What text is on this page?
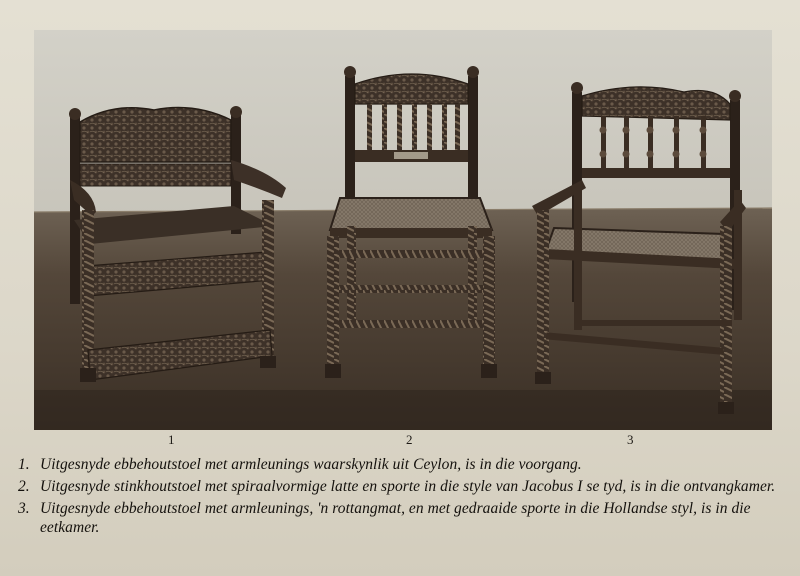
1	2	3
1. Uitgesnyde ebbehoutstoel met armleunings waarskynlik uit Ceylon, is in die voorgang.
2. Uitgesnyde stinkhoutstoel met spiraalvormige latte en sporte in die style van Jacobus I se tyd, is in die ontvangkamer.
3. Uitgesnyde ebbehoutstoel met armleunings, 'n rottangmat, en met gedraaide sporte in die Hollandse styl, is in die eetkamer.
